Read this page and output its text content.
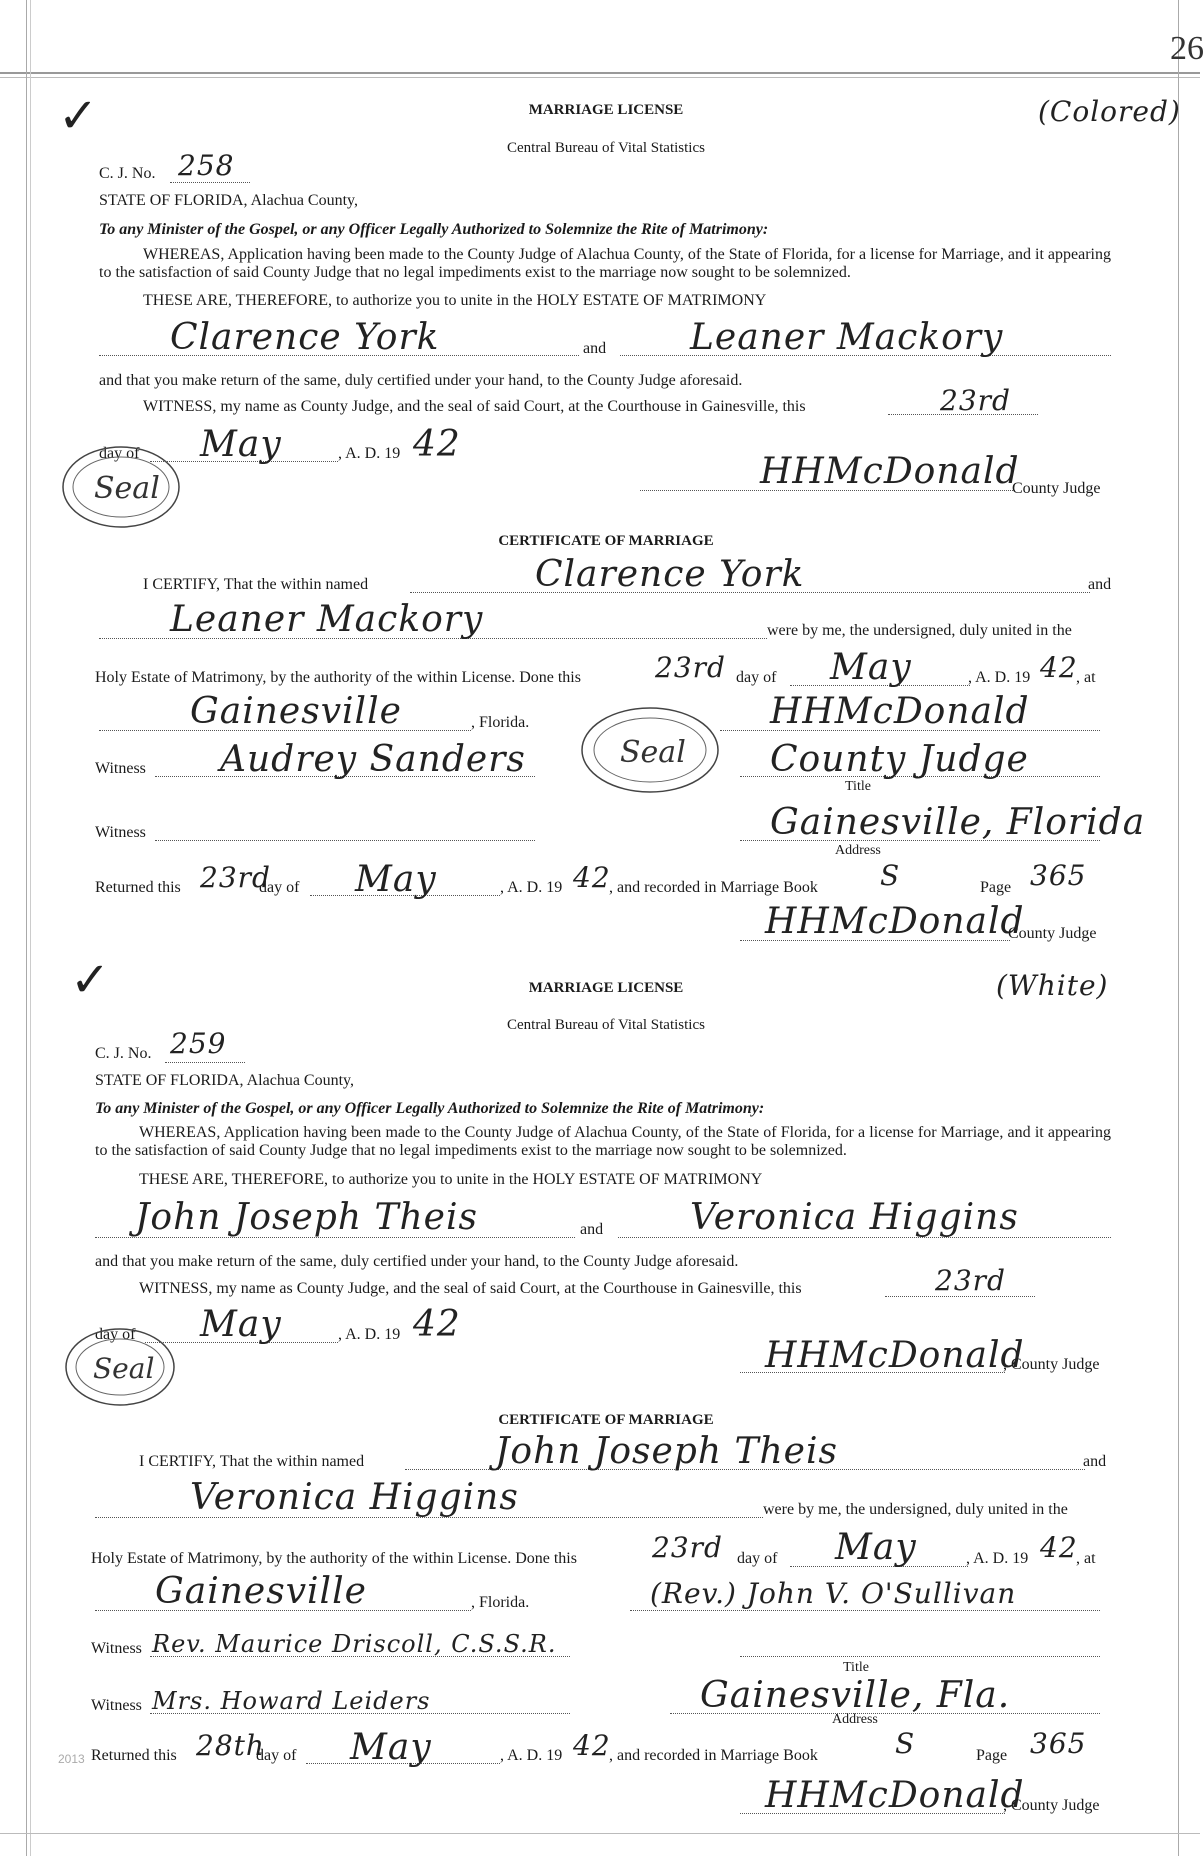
26
✓	MARRIAGE LICENSE	(Colored)
Central Bureau of Vital Statistics
C. J. No. 258
STATE OF FLORIDA, Alachua County,
To any Minister of the Gospel, or any Officer Legally Authorized to Solemnize the Rite of Matrimony:
WHEREAS, Application having been made to the County Judge of Alachua County, of the State of Florida, for a license for Marriage, and it appearing to the satisfaction of said County Judge that no legal impediments exist to the marriage now sought to be solemnized.
THESE ARE, THEREFORE, to authorize you to unite in the HOLY ESTATE OF MATRIMONY
Clarence York	and Leaner Mackory
and that you make return of the same, duly certified under your hand, to the County Judge aforesaid.
WITNESS, my name as County Judge, and the seal of said Court, at the Courthouse in Gainesville, this	23rd
day of May	, A. D. 19 42
Seal	HHMcDonald
County Judge
CERTIFICATE OF MARRIAGE
I CERTIFY, That the within named	Clarence York	and
Leaner Mackory	were by me, the undersigned, duly united in the
Holy Estate of Matrimony, by the authority of the within License. Done this	23rd day of May	, A. D. 19 42
, at
Gainesville	, Florida.	HHMcDonald
Seal
Witness Audrey Sanders	County Judge
Title
Witness	Gainesville, Florida
Address
Returned this 23rd
day of May	, A. D. 19 42
, and recorded in Marriage Book S	Page 365
HHMcDonald
County Judge
✓	MARRIAGE LICENSE	(White)
Central Bureau of Vital Statistics
C. J. No. 259
STATE OF FLORIDA, Alachua County,
To any Minister of the Gospel, or any Officer Legally Authorized to Solemnize the Rite of Matrimony:
WHEREAS, Application having been made to the County Judge of Alachua County, of the State of Florida, for a license for Marriage, and it appearing to the satisfaction of said County Judge that no legal impediments exist to the marriage now sought to be solemnized.
THESE ARE, THEREFORE, to authorize you to unite in the HOLY ESTATE OF MATRIMONY
John Joseph Theis	and Veronica Higgins
and that you make return of the same, duly certified under your hand, to the County Judge aforesaid.
WITNESS, my name as County Judge, and the seal of said Court, at the Courthouse in Gainesville, this	23rd
day of May	, A. D. 19 42
Seal	HHMcDonald
, County Judge
CERTIFICATE OF MARRIAGE
I CERTIFY, That the within named	John Joseph Theis	and
Veronica Higgins	were by me, the undersigned, duly united in the
Holy Estate of Matrimony, by the authority of the within License. Done this	23rd day of May	, A. D. 19 42
, at
Gainesville	, Florida.	(Rev.) John V. O'Sullivan
Witness Rev. Maurice Driscoll, C.S.S.R.
Title
Witness Mrs. Howard Leiders	Gainesville, Fla.
Address
Returned this 28th
day of May	, A. D. 19 42
, and recorded in Marriage Book	S	Page 365
HHMcDonald
, County Judge
2013
